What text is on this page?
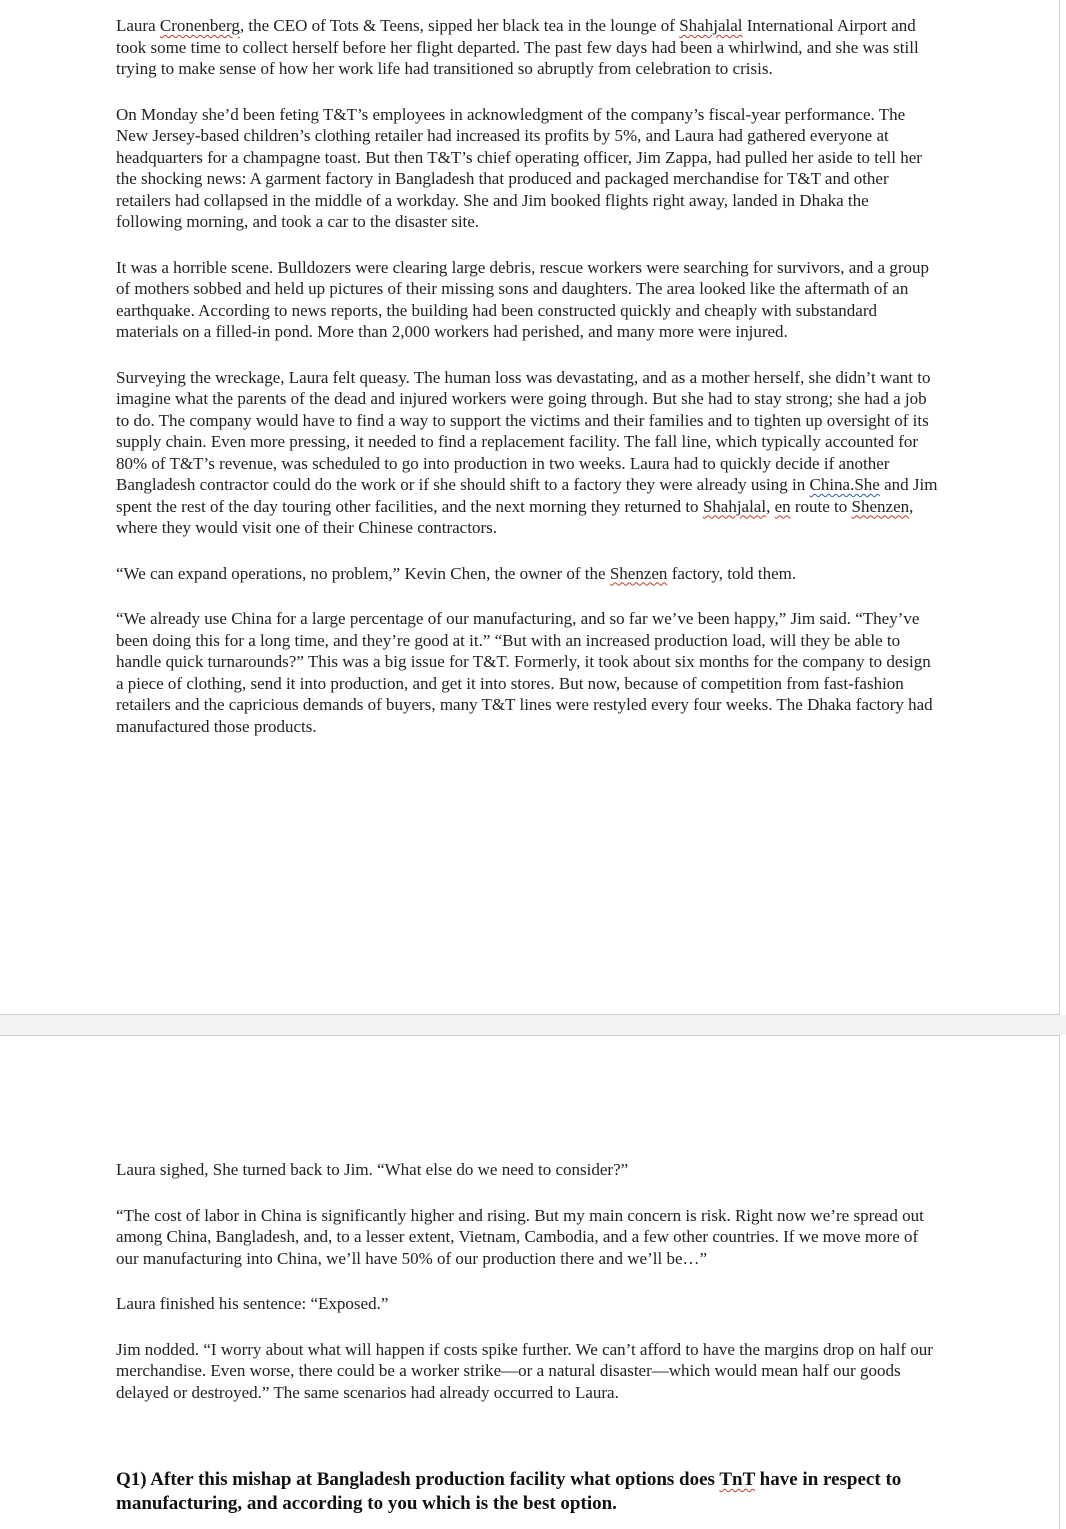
Laura Cronenberg, the CEO of Tots & Teens, sipped her black tea in the lounge of Shahjalal International Airport and took some time to collect herself before her flight departed. The past few days had been a whirlwind, and she was still trying to make sense of how her work life had transitioned so abruptly from celebration to crisis.

On Monday she’d been feting T&T’s employees in acknowledgment of the company’s fiscal-year performance. The New Jersey-based children’s clothing retailer had increased its profits by 5%, and Laura had gathered everyone at headquarters for a champagne toast. But then T&T’s chief operating officer, Jim Zappa, had pulled her aside to tell her the shocking news: A garment factory in Bangladesh that produced and packaged merchandise for T&T and other retailers had collapsed in the middle of a workday. She and Jim booked flights right away, landed in Dhaka the following morning, and took a car to the disaster site.

It was a horrible scene. Bulldozers were clearing large debris, rescue workers were searching for survivors, and a group of mothers sobbed and held up pictures of their missing sons and daughters. The area looked like the aftermath of an earthquake. According to news reports, the building had been constructed quickly and cheaply with substandard materials on a filled-in pond. More than 2,000 workers had perished, and many more were injured.

Surveying the wreckage, Laura felt queasy. The human loss was devastating, and as a mother herself, she didn’t want to imagine what the parents of the dead and injured workers were going through. But she had to stay strong; she had a job to do. The company would have to find a way to support the victims and their families and to tighten up oversight of its supply chain. Even more pressing, it needed to find a replacement facility. The fall line, which typically accounted for 80% of T&T’s revenue, was scheduled to go into production in two weeks. Laura had to quickly decide if another Bangladesh contractor could do the work or if she should shift to a factory they were already using in China.She and Jim spent the rest of the day touring other facilities, and the next morning they returned to Shahjalal, en route to Shenzen, where they would visit one of their Chinese contractors.

“We can expand operations, no problem,” Kevin Chen, the owner of the Shenzen factory, told them.

“We already use China for a large percentage of our manufacturing, and so far we’ve been happy,” Jim said. “They’ve been doing this for a long time, and they’re good at it.” “But with an increased production load, will they be able to handle quick turnarounds?” This was a big issue for T&T. Formerly, it took about six months for the company to design a piece of clothing, send it into production, and get it into stores. But now, because of competition from fast-fashion retailers and the capricious demands of buyers, many T&T lines were restyled every four weeks. The Dhaka factory had manufactured those products.

Laura sighed, She turned back to Jim. “What else do we need to consider?”

“The cost of labor in China is significantly higher and rising. But my main concern is risk. Right now we’re spread out among China, Bangladesh, and, to a lesser extent, Vietnam, Cambodia, and a few other countries. If we move more of our manufacturing into China, we’ll have 50% of our production there and we’ll be…”

Laura finished his sentence: “Exposed.”

Jim nodded. “I worry about what will happen if costs spike further. We can’t afford to have the margins drop on half our merchandise. Even worse, there could be a worker strike—or a natural disaster—which would mean half our goods delayed or destroyed.” The same scenarios had already occurred to Laura.

Q1) After this mishap at Bangladesh production facility what options does TnT have in respect to manufacturing, and according to you which is the best option.
